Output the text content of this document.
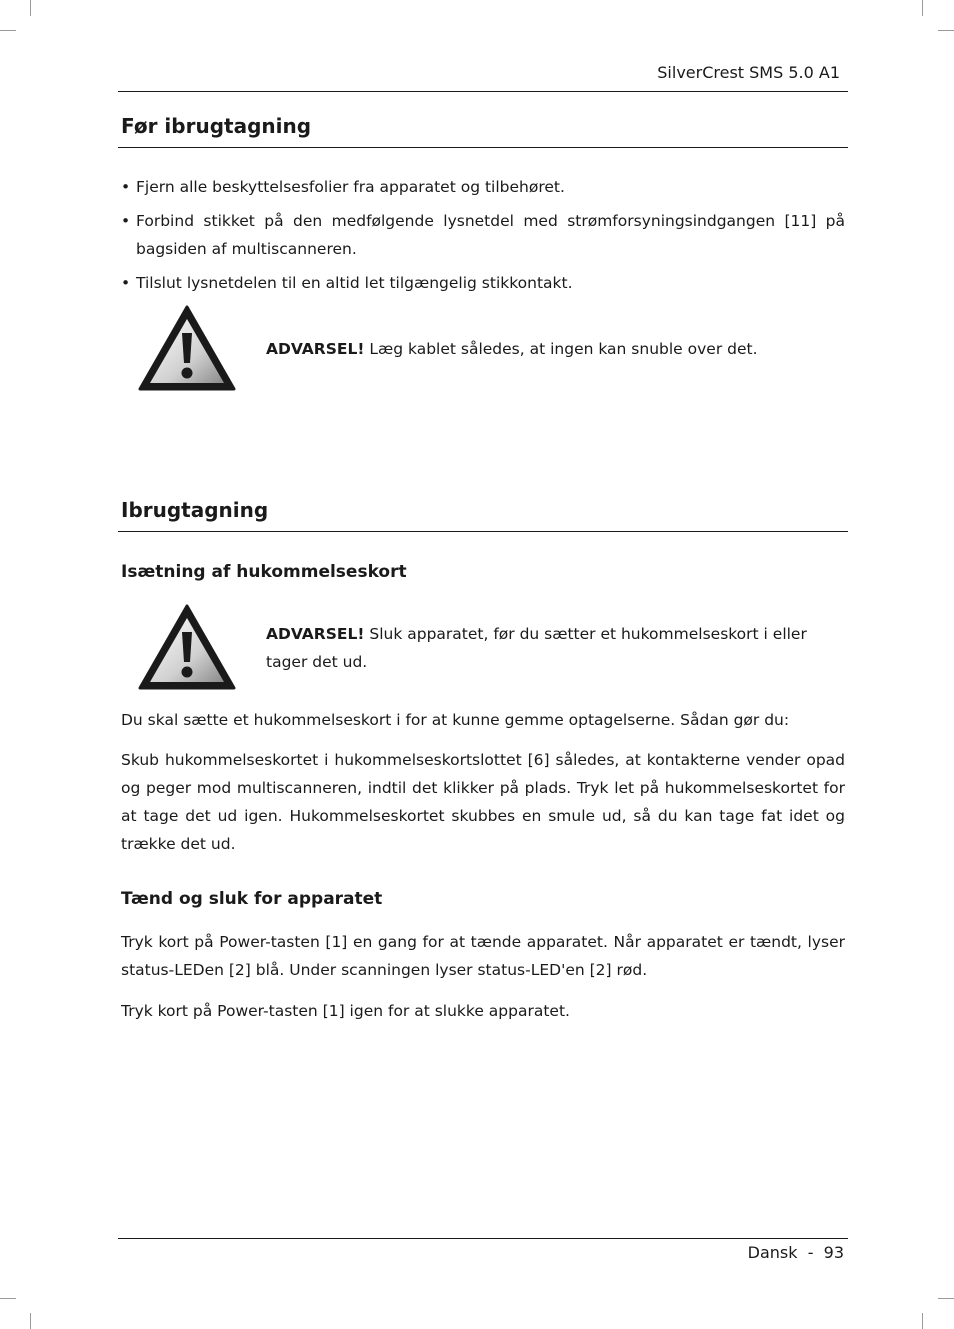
SilverCrest SMS 5.0 A1
Før ibrugtagning
• Fjern alle beskyttelsesfolier fra apparatet og tilbehøret.
• Forbind stikket på den medfølgende lysnetdel med strømforsyningsindgangen [11] på bagsiden af multiscanneren.
• Tilslut lysnetdelen til en altid let tilgængelig stikkontakt.
ADVARSEL! Læg kablet således, at ingen kan snuble over det.
Ibrugtagning
Isætning af hukommelseskort
ADVARSEL! Sluk apparatet, før du sætter et hukommelseskort i eller tager det ud.
Du skal sætte et hukommelseskort i for at kunne gemme optagelserne. Sådan gør du:
Skub hukommelseskortet i hukommelseskortslottet [6] således, at kontakterne vender opad og peger mod multiscanneren, indtil det klikker på plads. Tryk let på hukommelseskortet for at tage det ud igen. Hukommelseskortet skubbes en smule ud, så du kan tage fat idet og trække det ud.
Tænd og sluk for apparatet
Tryk kort på Power-tasten [1] en gang for at tænde apparatet. Når apparatet er tændt, lyser status-LEDen [2] blå. Under scanningen lyser status-LED'en [2] rød.
Tryk kort på Power-tasten [1] igen for at slukke apparatet.
Dansk - 93
